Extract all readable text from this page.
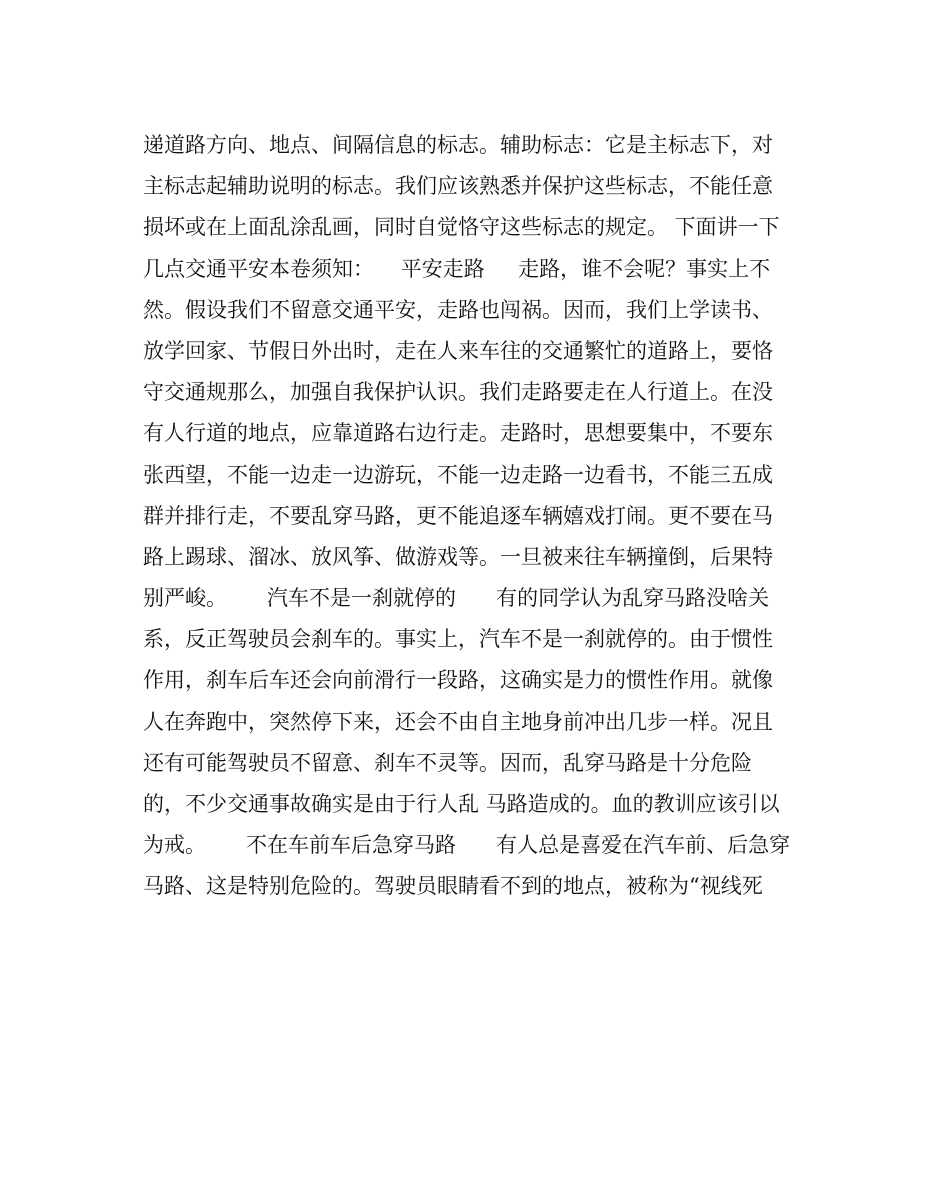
递道路方向、地点、间隔信息的标志。辅助标志：它是主标志下，对
主标志起辅助说明的标志。我们应该熟悉并保护这些标志，不能任意
损坏或在上面乱涂乱画，同时自觉恪守这些标志的规定。 下面讲一下
几点交通平安本卷须知：    平安走路     走路，谁不会呢？事实上不
然。假设我们不留意交通平安，走路也闯祸。因而，我们上学读书、
放学回家、节假日外出时，走在人来车往的交通繁忙的道路上，要恪
守交通规那么，加强自我保护认识。我们走路要走在人行道上。在没
有人行道的地点，应靠道路右边行走。走路时，思想要集中，不要东
张西望，不能一边走一边游玩，不能一边走路一边看书，不能三五成
群并排行走，不要乱穿马路，更不能追逐车辆嬉戏打闹。更不要在马
路上踢球、溜冰、放风筝、做游戏等。一旦被来往车辆撞倒，后果特
别严峻。      汽车不是一刹就停的      有的同学认为乱穿马路没啥关
系，反正驾驶员会刹车的。事实上，汽车不是一刹就停的。由于惯性
作用，刹车后车还会向前滑行一段路，这确实是力的惯性作用。就像
人在奔跑中，突然停下来，还会不由自主地身前冲出几步一样。况且
还有可能驾驶员不留意、刹车不灵等。因而，乱穿马路是十分危险
的，不少交通事故确实是由于行人乱 马路造成的。血的教训应该引以
为戒。      不在车前车后急穿马路      有人总是喜爱在汽车前、后急穿
马路、这是特别危险的。驾驶员眼睛看不到的地点，被称为“视线死
